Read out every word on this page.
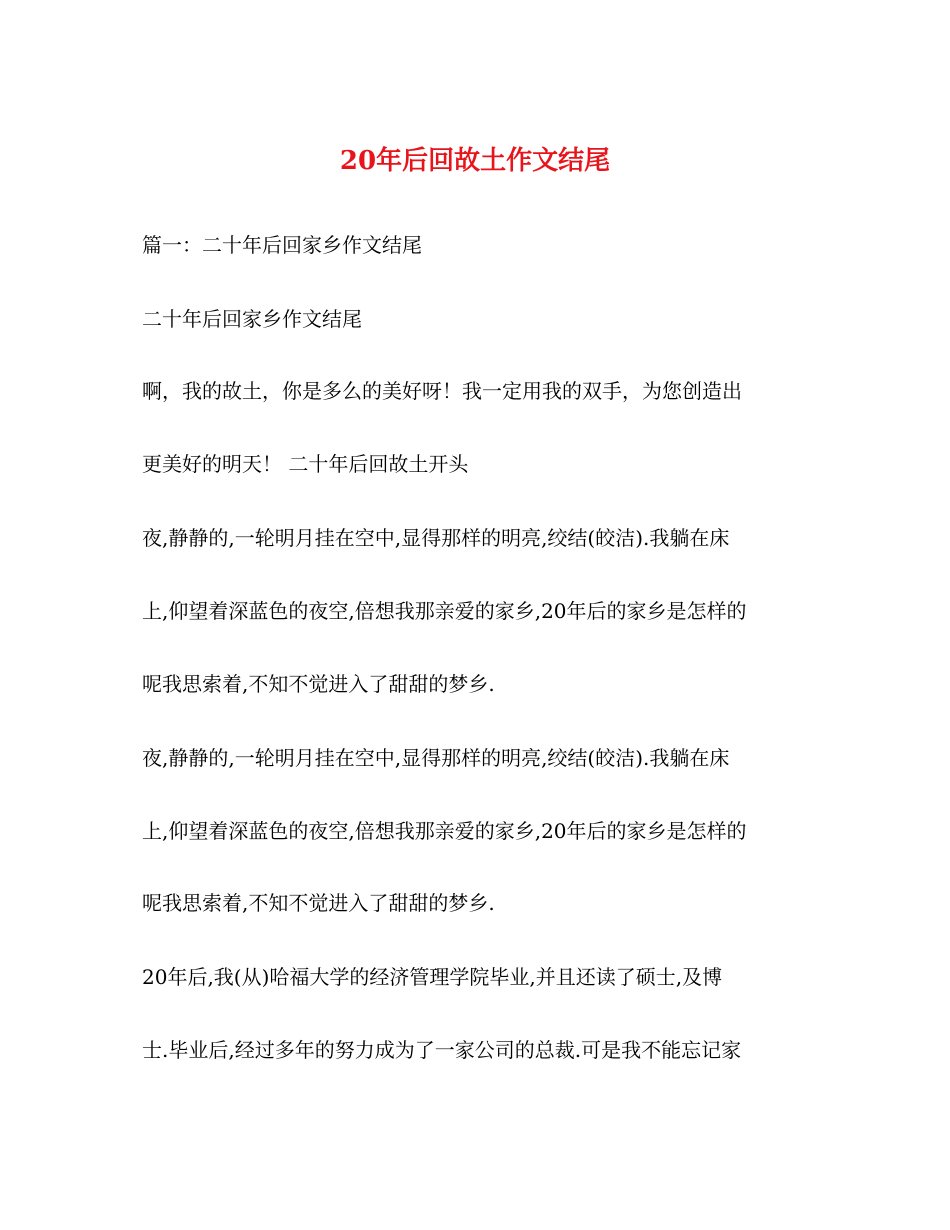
20年后回故土作文结尾
篇一：二十年后回家乡作文结尾
二十年后回家乡作文结尾
啊，我的故土，你是多么的美好呀！我一定用我的双手，为您创造出
更美好的明天！ 二十年后回故土开头
夜,静静的,一轮明月挂在空中,显得那样的明亮,绞结(皎洁).我躺在床
上,仰望着深蓝色的夜空,倍想我那亲爱的家乡,20年后的家乡是怎样的
呢我思索着,不知不觉进入了甜甜的梦乡.
夜,静静的,一轮明月挂在空中,显得那样的明亮,绞结(皎洁).我躺在床
上,仰望着深蓝色的夜空,倍想我那亲爱的家乡,20年后的家乡是怎样的
呢我思索着,不知不觉进入了甜甜的梦乡.
20年后,我(从)哈福大学的经济管理学院毕业,并且还读了硕士,及博
士.毕业后,经过多年的努力成为了一家公司的总裁.可是我不能忘记家
